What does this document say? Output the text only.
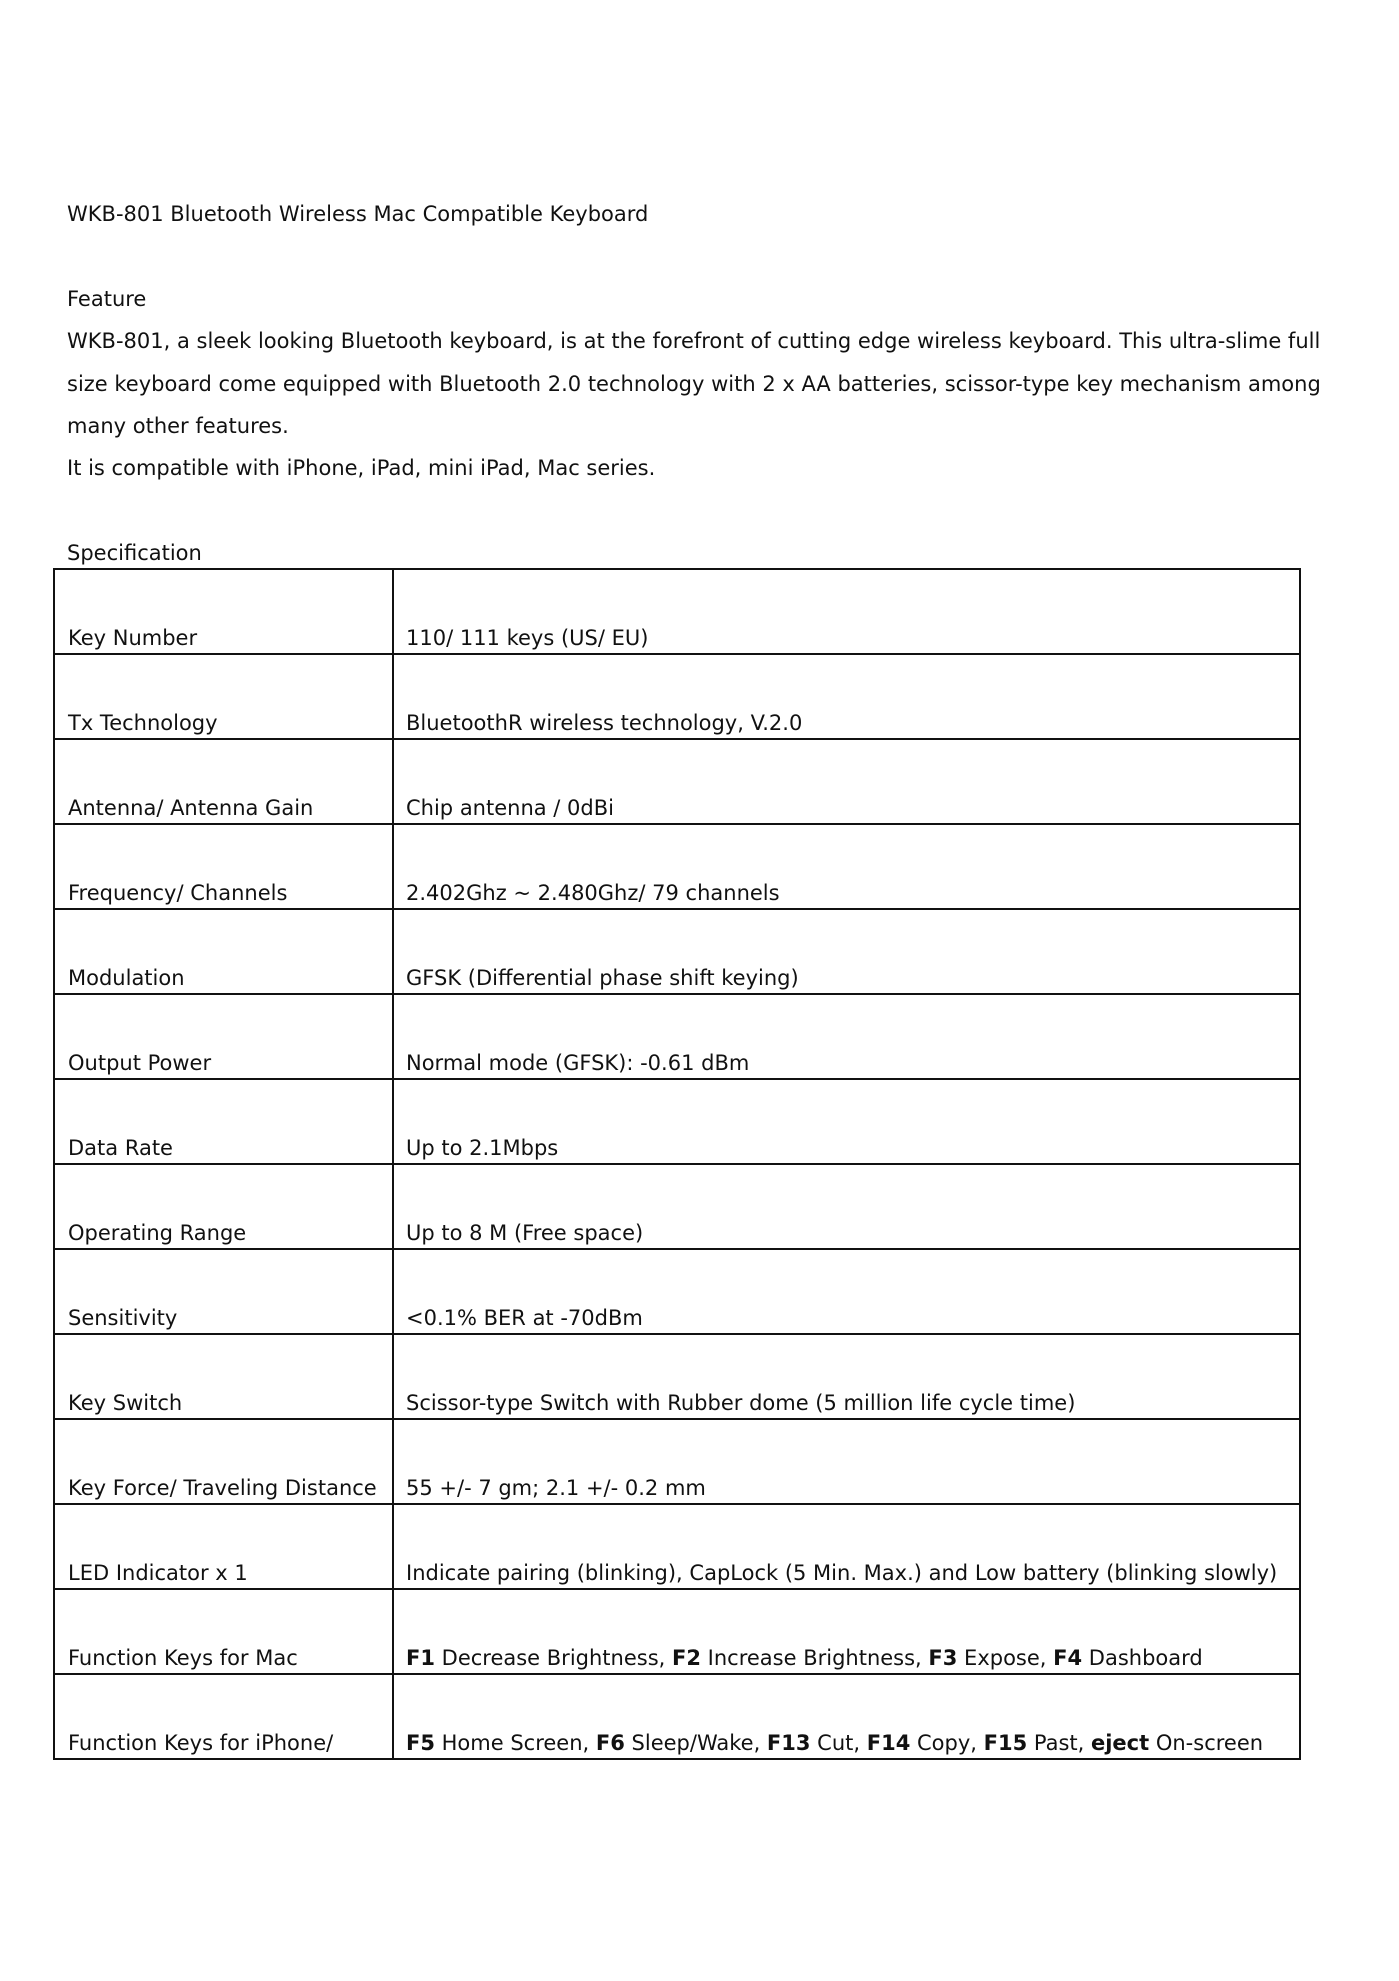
WKB-801 Bluetooth Wireless Mac Compatible Keyboard
Feature
WKB-801, a sleek looking Bluetooth keyboard, is at the forefront of cutting edge wireless keyboard. This ultra-slime full size keyboard come equipped with Bluetooth 2.0 technology with 2 x AA batteries, scissor-type key mechanism among many other features.
It is compatible with iPhone, iPad, mini iPad, Mac series.
Specification
Key Number	110/ 111 keys (US/ EU)
Tx Technology	BluetoothR wireless technology, V.2.0
Antenna/ Antenna Gain	Chip antenna / 0dBi
Frequency/ Channels	2.402Ghz ~ 2.480Ghz/ 79 channels
Modulation	GFSK (Differential phase shift keying)
Output Power	Normal mode (GFSK): -0.61 dBm
Data Rate	Up to 2.1Mbps
Operating Range	Up to 8 M (Free space)
Sensitivity	<0.1% BER at -70dBm
Key Switch	Scissor-type Switch with Rubber dome (5 million life cycle time)
Key Force/ Traveling Distance	55 +/- 7 gm; 2.1 +/- 0.2 mm
LED Indicator x 1	Indicate pairing (blinking), CapLock (5 Min. Max.) and Low battery (blinking slowly)
Function Keys for Mac	F1 Decrease Brightness, F2 Increase Brightness, F3 Expose, F4 Dashboard
Function Keys for iPhone/	F5 Home Screen, F6 Sleep/Wake, F13 Cut, F14 Copy, F15 Past, eject On-screen
